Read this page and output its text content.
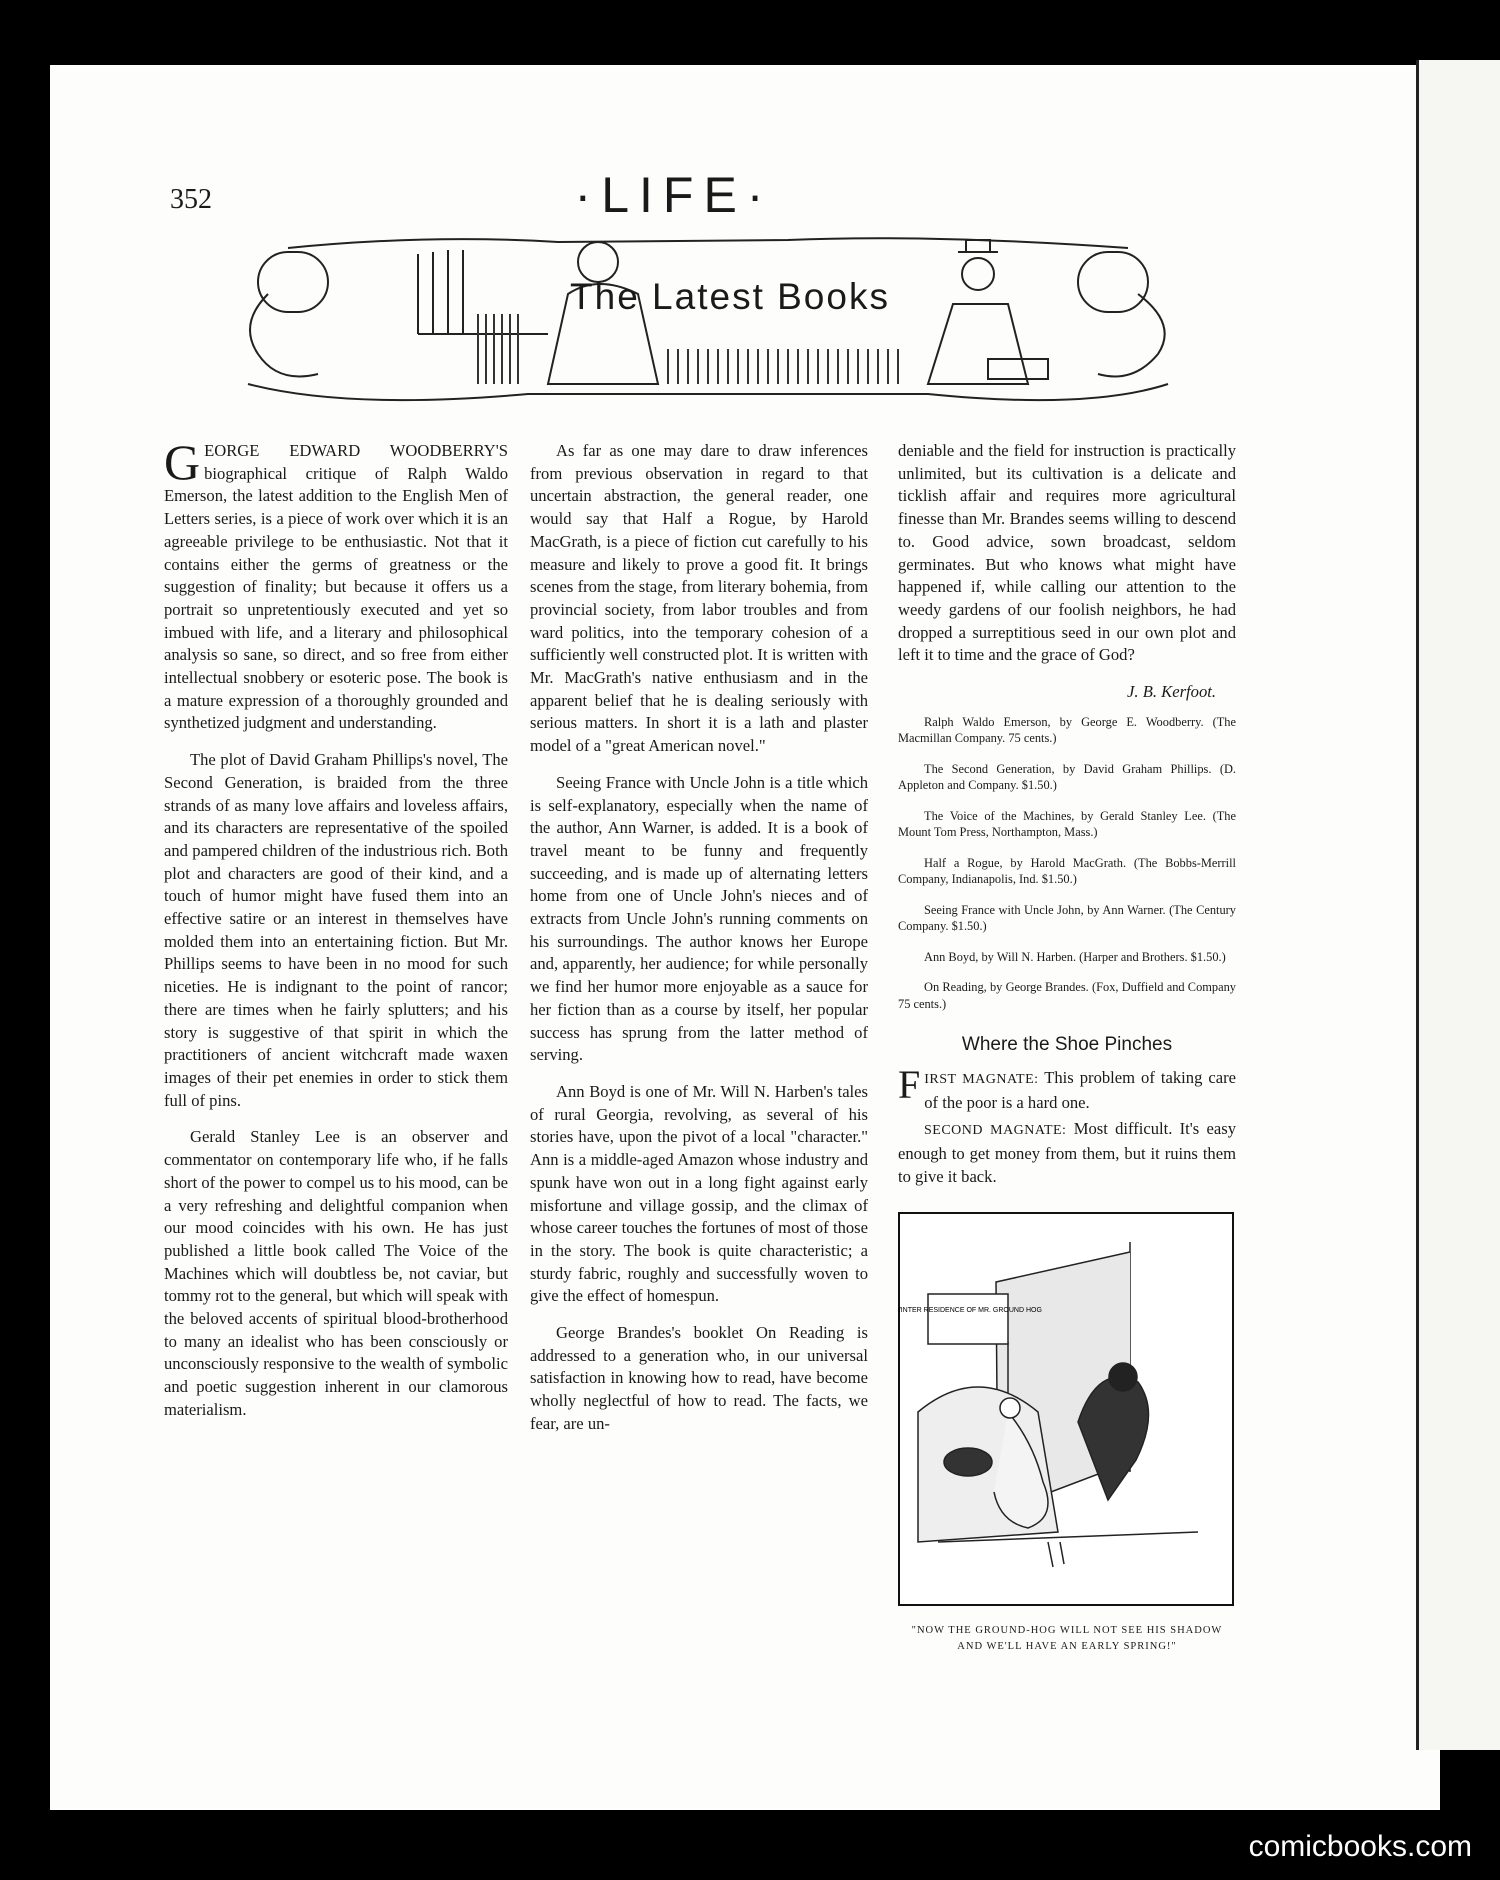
352	·LIFE·
The Latest Books

GEORGE EDWARD WOODBERRY'S biographical critique of Ralph Waldo Emerson, the latest addition to the English Men of Letters series, is a piece of work over which it is an agreeable privilege to be enthusiastic. Not that it contains either the germs of greatness or the suggestion of finality; but because it offers us a portrait so unpretentiously executed and yet so imbued with life, and a literary and philosophical analysis so sane, so direct, and so free from either intellectual snobbery or esoteric pose. The book is a mature expression of a thoroughly grounded and synthetized judgment and understanding.

The plot of David Graham Phillips's novel, The Second Generation, is braided from the three strands of as many love affairs and loveless affairs, and its characters are representative of the spoiled and pampered children of the industrious rich. Both plot and characters are good of their kind, and a touch of humor might have fused them into an effective satire or an interest in themselves have molded them into an entertaining fiction. But Mr. Phillips seems to have been in no mood for such niceties. He is indignant to the point of rancor; there are times when he fairly splutters; and his story is suggestive of that spirit in which the practitioners of ancient witchcraft made waxen images of their pet enemies in order to stick them full of pins.

Gerald Stanley Lee is an observer and commentator on contemporary life who, if he falls short of the power to compel us to his mood, can be a very refreshing and delightful companion when our mood coincides with his own. He has just published a little book called The Voice of the Machines which will doubtless be, not caviar, but tommy rot to the general, but which will speak with the beloved accents of spiritual blood-brotherhood to many an idealist who has been consciously or unconsciously responsive to the wealth of symbolic and poetic suggestion inherent in our clamorous materialism.

As far as one may dare to draw inferences from previous observation in regard to that uncertain abstraction, the general reader, one would say that Half a Rogue, by Harold MacGrath, is a piece of fiction cut carefully to his measure and likely to prove a good fit. It brings scenes from the stage, from literary bohemia, from provincial society, from labor troubles and from ward politics, into the temporary cohesion of a sufficiently well constructed plot. It is written with Mr. MacGrath's native enthusiasm and in the apparent belief that he is dealing seriously with serious matters. In short it is a lath and plaster model of a "great American novel."

Seeing France with Uncle John is a title which is self-explanatory, especially when the name of the author, Ann Warner, is added. It is a book of travel meant to be funny and frequently succeeding, and is made up of alternating letters home from one of Uncle John's nieces and of extracts from Uncle John's running comments on his surroundings. The author knows her Europe and, apparently, her audience; for while personally we find her humor more enjoyable as a sauce for her fiction than as a course by itself, her popular success has sprung from the latter method of serving.

Ann Boyd is one of Mr. Will N. Harben's tales of rural Georgia, revolving, as several of his stories have, upon the pivot of a local "character." Ann is a middle-aged Amazon whose industry and spunk have won out in a long fight against early misfortune and village gossip, and the climax of whose career touches the fortunes of most of those in the story. The book is quite characteristic; a sturdy fabric, roughly and successfully woven to give the effect of homespun.

George Brandes's booklet On Reading is addressed to a generation who, in our universal satisfaction in knowing how to read, have become wholly neglectful of how to read. The facts, we fear, are un-

deniable and the field for instruction is practically unlimited, but its cultivation is a delicate and ticklish affair and requires more agricultural finesse than Mr. Brandes seems willing to descend to. Good advice, sown broadcast, seldom germinates. But who knows what might have happened if, while calling our attention to the weedy gardens of our foolish neighbors, he had dropped a surreptitious seed in our own plot and left it to time and the grace of God?

J. B. Kerfoot.

Ralph Waldo Emerson, by George E. Woodberry. (The Macmillan Company. 75 cents.)

The Second Generation, by David Graham Phillips. (D. Appleton and Company. $1.50.)

The Voice of the Machines, by Gerald Stanley Lee. (The Mount Tom Press, Northampton, Mass.)

Half a Rogue, by Harold MacGrath. (The Bobbs-Merrill Company, Indianapolis, Ind. $1.50.)

Seeing France with Uncle John, by Ann Warner. (The Century Company. $1.50.)

Ann Boyd, by Will N. Harben. (Harper and Brothers. $1.50.)

On Reading, by George Brandes. (Fox, Duffield and Company 75 cents.)

Where the Shoe Pinches

FIRST MAGNATE: This problem of taking care of the poor is a hard one.

SECOND MAGNATE: Most difficult. It's easy enough to get money from them, but it ruins them to give it back.

WINTER RESIDENCE OF MR. GROUND HOG
"NOW THE GROUND-HOG WILL NOT SEE HIS SHADOW AND WE'LL HAVE AN EARLY SPRING!"
comicbooks.com
